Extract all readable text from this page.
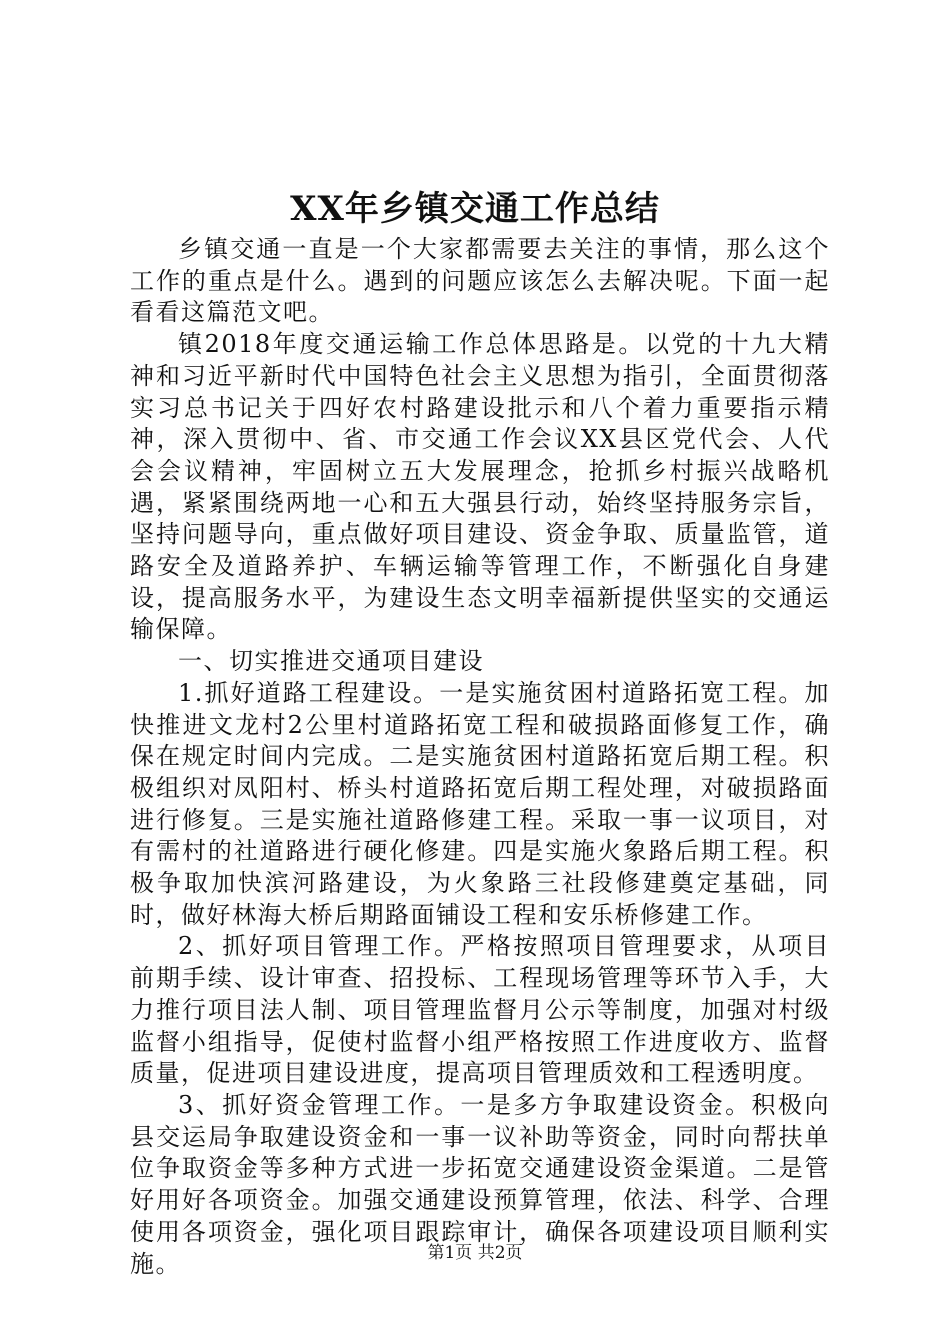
XX年乡镇交通工作总结

乡镇交通一直是一个大家都需要去关注的事情，那么这个工作的重点是什么。遇到的问题应该怎么去解决呢。下面一起看看这篇范文吧。

镇2018年度交通运输工作总体思路是。以党的十九大精神和习近平新时代中国特色社会主义思想为指引，全面贯彻落实习总书记关于四好农村路建设批示和八个着力重要指示精神，深入贯彻中、省、市交通工作会议XX县区党代会、人代会会议精神，牢固树立五大发展理念，抢抓乡村振兴战略机遇，紧紧围绕两地一心和五大强县行动，始终坚持服务宗旨，坚持问题导向，重点做好项目建设、资金争取、质量监管，道路安全及道路养护、车辆运输等管理工作，不断强化自身建设，提高服务水平，为建设生态文明幸福新提供坚实的交通运输保障。

一、切实推进交通项目建设

1.抓好道路工程建设。一是实施贫困村道路拓宽工程。加快推进文龙村2公里村道路拓宽工程和破损路面修复工作，确保在规定时间内完成。二是实施贫困村道路拓宽后期工程。积极组织对凤阳村、桥头村道路拓宽后期工程处理，对破损路面进行修复。三是实施社道路修建工程。采取一事一议项目，对有需村的社道路进行硬化修建。四是实施火象路后期工程。积极争取加快滨河路建设，为火象路三社段修建奠定基础，同时，做好林海大桥后期路面铺设工程和安乐桥修建工作。

2、抓好项目管理工作。严格按照项目管理要求，从项目前期手续、设计审查、招投标、工程现场管理等环节入手，大力推行项目法人制、项目管理监督月公示等制度，加强对村级监督小组指导，促使村监督小组严格按照工作进度收方、监督质量，促进项目建设进度，提高项目管理质效和工程透明度。

3、抓好资金管理工作。一是多方争取建设资金。积极向县交运局争取建设资金和一事一议补助等资金，同时向帮扶单位争取资金等多种方式进一步拓宽交通建设资金渠道。二是管好用好各项资金。加强交通建设预算管理，依法、科学、合理使用各项资金，强化项目跟踪审计，确保各项建设项目顺利实施。	第1页 共2页
